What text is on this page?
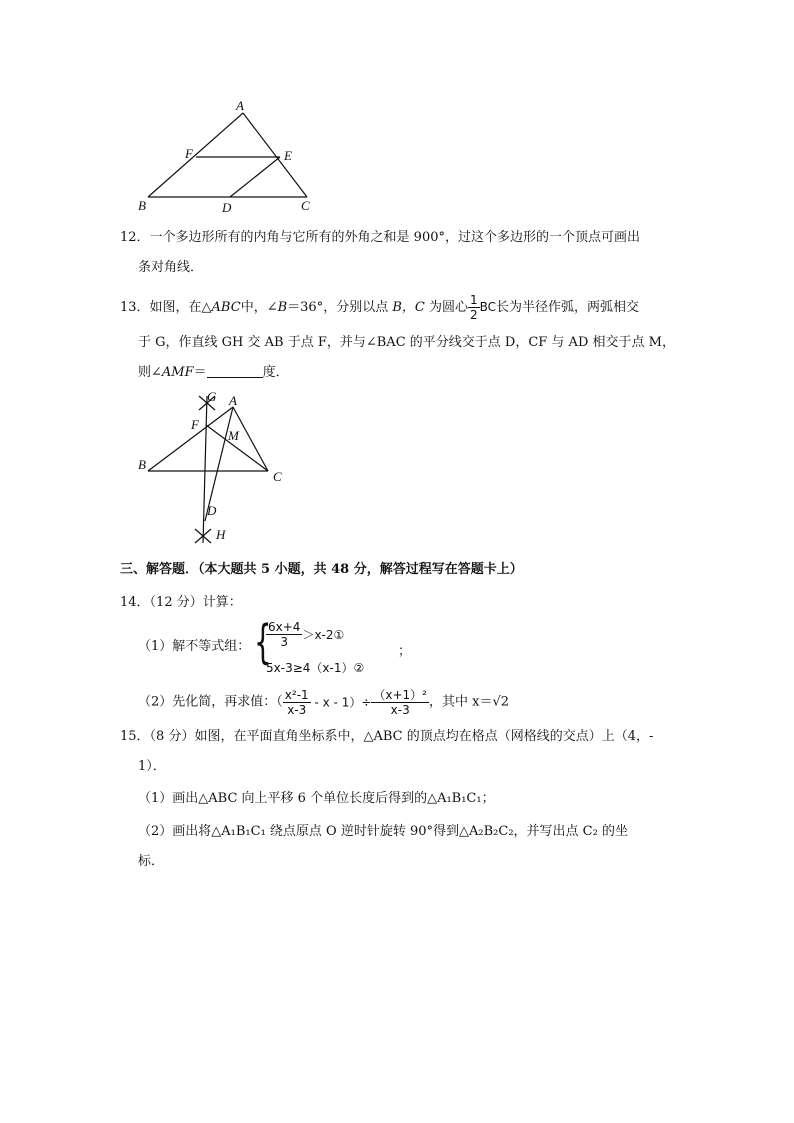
A
B	C
D
E
F
12．一个多边形所有的内角与它所有的外角之和是 900°，过这个多边形的一个顶点可画出
条对角线．
13．如图，在△ABC中，∠B＝36°，分别以点 B，C 为圆心 $\frac{1}{2}$ BC长为半径作弧，两弧相交
于 G，作直线 GH 交 AB 于点 F，并与∠BAC 的平分线交于点 D，CF 与 AD 相交于点 M，
则∠AMF＝	度．
G A
F
M
B
C
D
H
三、解答题．（本大题共 5 小题，共 48 分，解答过程写在答题卡上）
14．（12 分）计算：
（1）解不等式组： {
$\frac{6x+4}{3}$ ＞x-2①
5x-3≥4（x-1）②
；
（2）先化简，再求值：（ $\frac{\text{x²-1}}{x-3} - x - 1)\div \frac{\text{（x+1）²}}{x-3}$ ，其中 x＝√2
15．（8 分）如图，在平面直角坐标系中，△ABC 的顶点均在格点（网格线的交点）上（4，-
1）．
（1）画出△ABC 向上平移 6 个单位长度后得到的△A₁B₁C₁；
（2）画出将△A₁B₁C₁ 绕点原点 O 逆时针旋转 90°得到△A₂B₂C₂，并写出点 C₂ 的坐
标．
